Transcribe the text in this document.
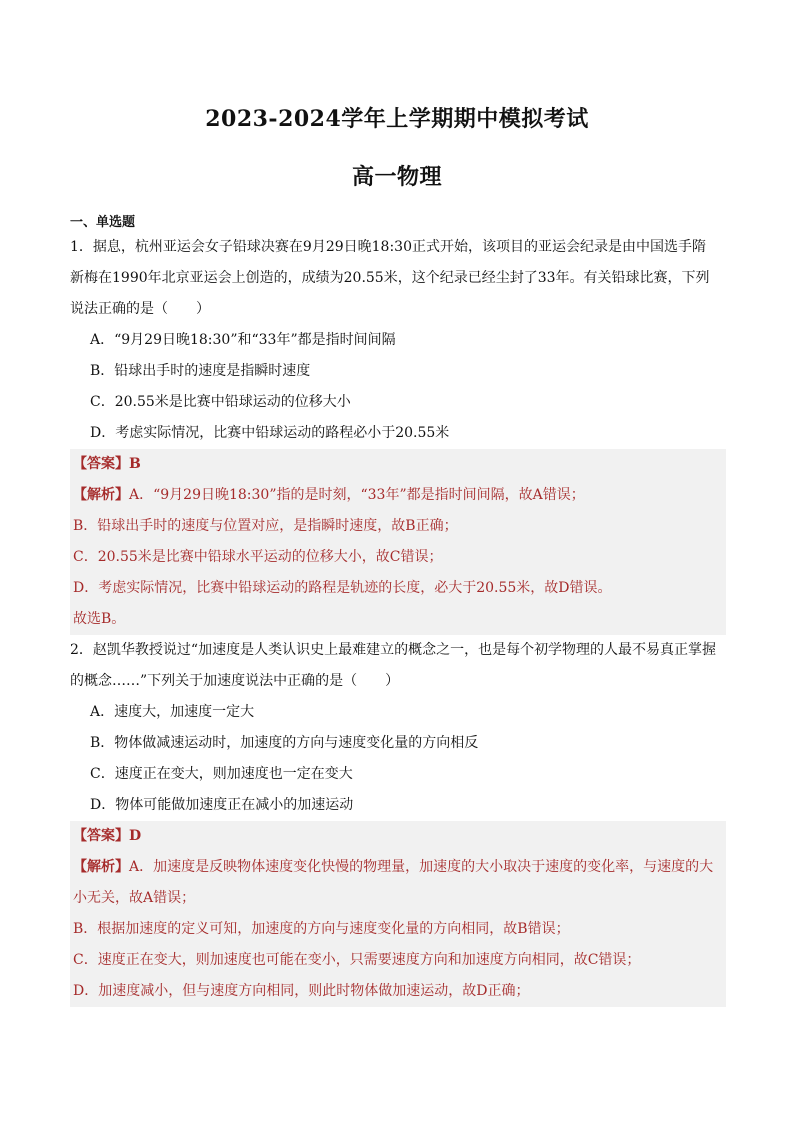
2023-2024学年上学期期中模拟考试
高一物理
一、单选题
1．据息，杭州亚运会女子铅球决赛在9月29日晚18:30正式开始，该项目的亚运会纪录是由中国选手隋
新梅在1990年北京亚运会上创造的，成绩为20.55米，这个纪录已经尘封了33年。有关铅球比赛，下列
说法正确的是（　　）
A．“9月29日晚18:30”和“33年”都是指时间间隔
B．铅球出手时的速度是指瞬时速度
C．20.55米是比赛中铅球运动的位移大小
D．考虑实际情况，比赛中铅球运动的路程必小于20.55米
【答案】B
【解析】A．“9月29日晚18:30”指的是时刻，“33年”都是指时间间隔，故A错误；
B．铅球出手时的速度与位置对应，是指瞬时速度，故B正确；
C．20.55米是比赛中铅球水平运动的位移大小，故C错误；
D．考虑实际情况，比赛中铅球运动的路程是轨迹的长度，必大于20.55米，故D错误。
故选B。
2．赵凯华教授说过“加速度是人类认识史上最难建立的概念之一，也是每个初学物理的人最不易真正掌握
的概念……”下列关于加速度说法中正确的是（　　）
A．速度大，加速度一定大
B．物体做减速运动时，加速度的方向与速度变化量的方向相反
C．速度正在变大，则加速度也一定在变大
D．物体可能做加速度正在减小的加速运动
【答案】D
【解析】A．加速度是反映物体速度变化快慢的物理量，加速度的大小取决于速度的变化率，与速度的大
小无关，故A错误；
B．根据加速度的定义可知，加速度的方向与速度变化量的方向相同，故B错误；
C．速度正在变大，则加速度也可能在变小，只需要速度方向和加速度方向相同，故C错误；
D．加速度减小，但与速度方向相同，则此时物体做加速运动，故D正确；
